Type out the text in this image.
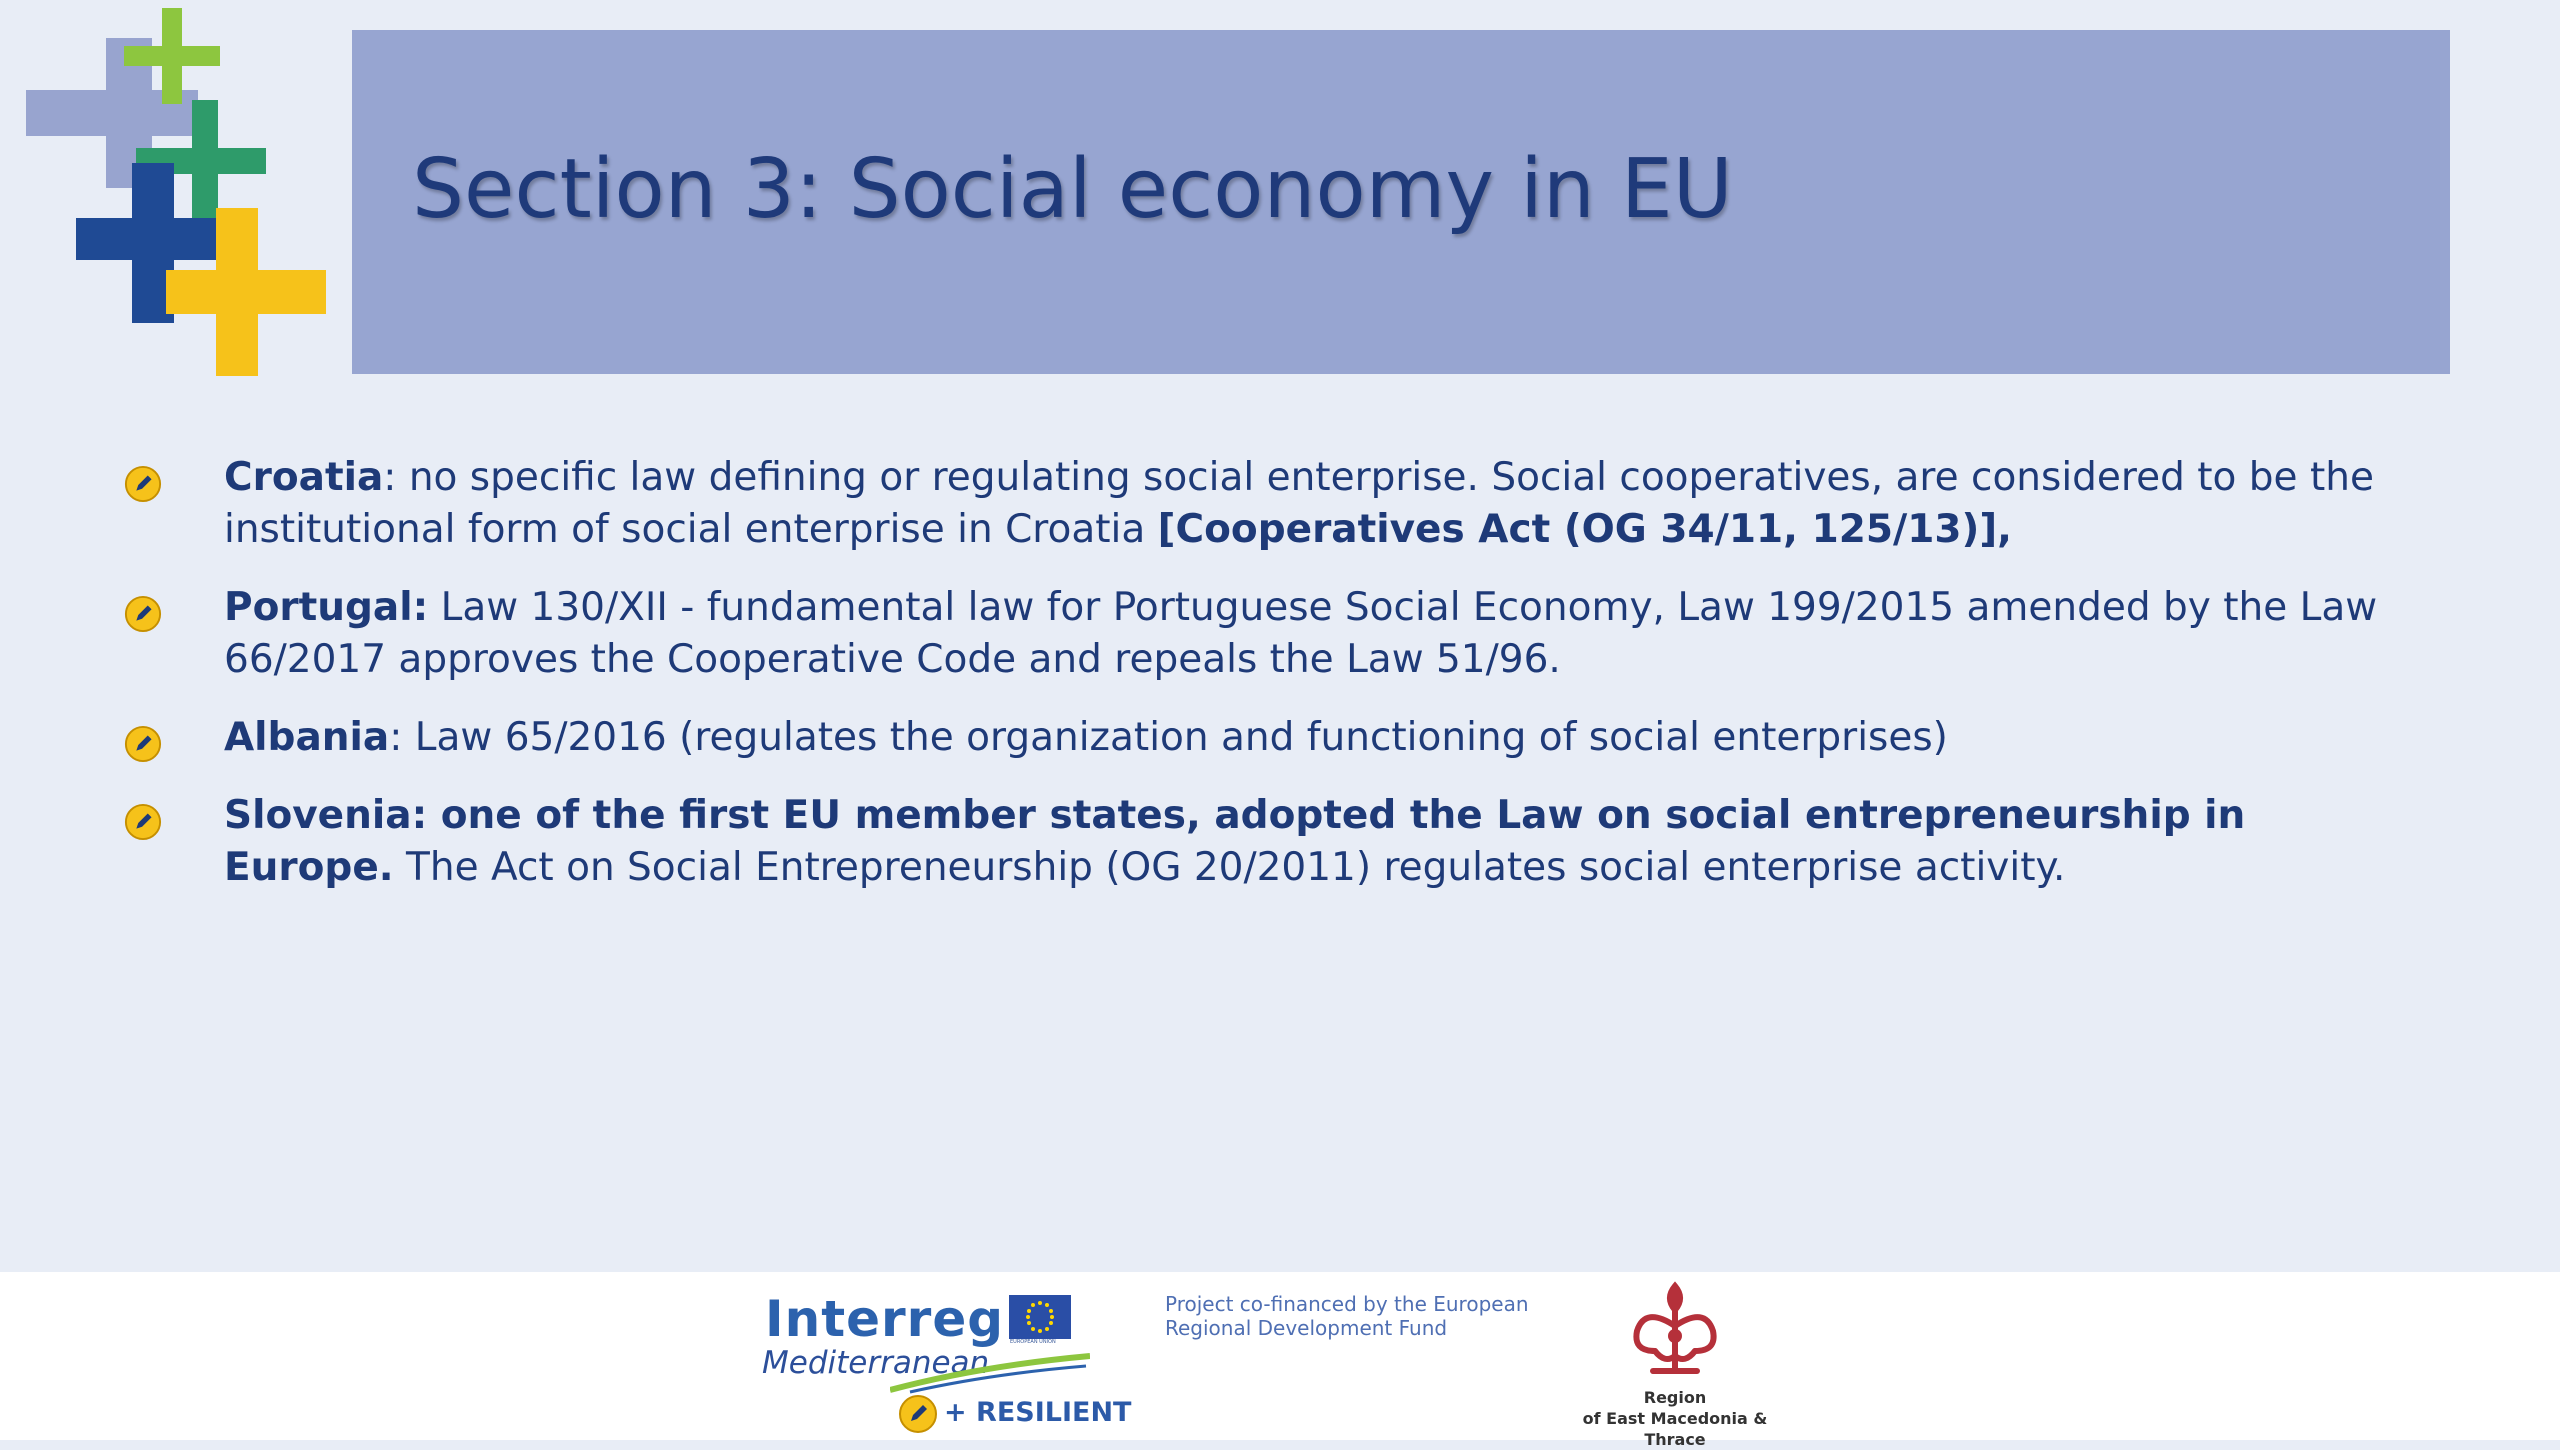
Section 3: Social economy in EU
Croatia: no specific law defining or regulating social enterprise. Social cooperatives, are considered to be the institutional form of social enterprise in Croatia [Cooperatives Act (OG 34/11, 125/13)],
Portugal: Law 130/XII - fundamental law for Portuguese Social Economy, Law 199/2015 amended by the Law 66/2017 approves the Cooperative Code and repeals the Law 51/96.
Albania: Law 65/2016 (regulates the organization and functioning of social enterprises)
Slovenia: one of the first EU member states, adopted the Law on social entrepreneurship in Europe. The Act on Social Entrepreneurship (OG 20/2011) regulates social enterprise activity.
Interreg EUROPEAN UNION
Mediterranean
+ RESILIENT
Project co-financed by the European
Regional Development Fund
Region
of East Macedonia & Thrace
